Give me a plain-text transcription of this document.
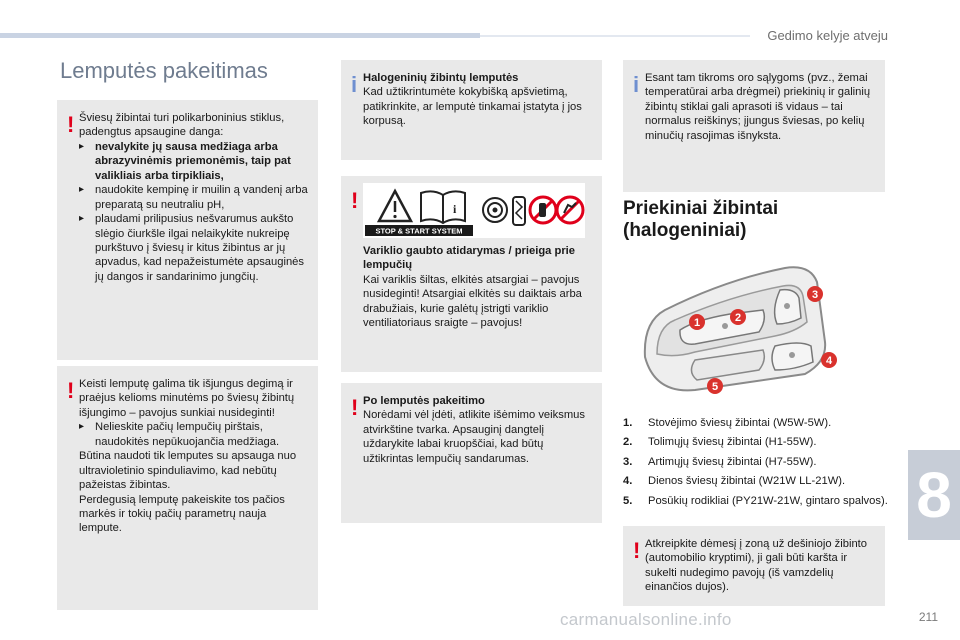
Gedimo kelyje atveju
8
211
carmanualsonline.info
Lemputės pakeitimas
! Šviesų žibintai turi polikarboninius stiklus, padengtus apsaugine danga:

▸ nevalykite jų sausa medžiaga arba abrazyvinėmis priemonėmis, taip pat valikliais arba tirpikliais,
▸ naudokite kempinę ir muilin ą vandenį arba preparatą su neutraliu pH,
▸ plaudami prilipusius nešvarumus aukšto slėgio čiurkšle ilgai nelaikykite nukreipę purkštuvo į šviesų ir kitus žibintus ar jų apvadus, kad nepažeistumėte apsauginės jų dangos ir sandarinimo jungčių.
! Keisti lemputę galima tik išjungus degimą ir praėjus kelioms minutėms po šviesų žibintų išjungimo – pavojus sunkiai nusideginti!

▸ Nelieskite pačių lempučių pirštais, naudokitės nepūkuojančia medžiaga.

Būtina naudoti tik lemputes su apsauga nuo ultravioletinio spinduliavimo, kad nebūtų pažeistas žibintas.

Perdegusią lemputę pakeiskite tos pačios markės ir tokių pačių parametrų nauja lempute.

i Halogeninių žibintų lemputės

Kad užtikrintumėte kokybišką apšvietimą, patikrinkite, ar lemputė tinkamai įstatyta į jos korpusą.

!

Variklio gaubto atidarymas / prieiga prie lempučių

Kai variklis šiltas, elkitės atsargiai – pavojus nusideginti! Atsargiai elkitės su daiktais arba drabužiais, kurie galėtų įstrigti variklio ventiliatoriaus sraigte – pavojus!

i
STOP & START SYSTEM
! Po lemputės pakeitimo

Norėdami vėl įdėti, atlikite išėmimo veiksmus atvirkštine tvarka. Apsauginį dangtelį uždarykite labai kruopščiai, kad būtų užtikrintas lempučių sandarumas.

i Esant tam tikroms oro sąlygoms (pvz., žemai temperatūrai arba drėgmei) priekinių ir galinių žibintų stiklai gali aprasoti iš vidaus – tai normalus reiškinys; įjungus šviesas, po kelių minučių rasojimas išnyksta.

Priekiniai žibintai
(halogeniniai)
1	2
3
4
5
1.	Stovėjimo šviesų žibintai (W5W-5W).
2.	Tolimųjų šviesų žibintai (H1-55W).
3.	Artimųjų šviesų žibintai (H7-55W).
4.	Dienos šviesų žibintai (W21W LL-21W).
5.	Posūkių rodikliai (PY21W-21W, gintaro spalvos).
! Atkreipkite dėmesį į zoną už dešiniojo žibinto (automobilio kryptimi), ji gali būti karšta ir sukelti nudegimo pavojų (iš vamzdelių einančios dujos).
